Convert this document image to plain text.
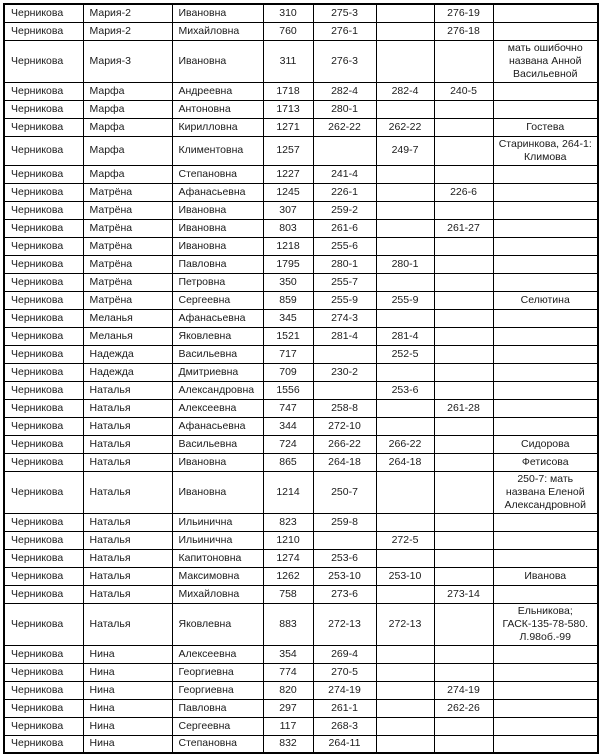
Черникова	Мария-2	Ивановна	310	275-3		276-19	
Черникова	Мария-2	Михайловна	760	276-1		276-18	
Черникова	Мария-3	Ивановна	311	276-3			мать ошибочно названа Анной Васильевной
Черникова	Марфа	Андреевна	1718	282-4	282-4	240-5	
Черникова	Марфа	Антоновна	1713	280-1			
Черникова	Марфа	Кирилловна	1271	262-22	262-22		Гостева
Черникова	Марфа	Климентовна	1257		249-7		Старинкова, 264-1: Климова
Черникова	Марфа	Степановна	1227	241-4			
Черникова	Матрёна	Афанасьевна	1245	226-1		226-6	
Черникова	Матрёна	Ивановна	307	259-2			
Черникова	Матрёна	Ивановна	803	261-6		261-27	
Черникова	Матрёна	Ивановна	1218	255-6			
Черникова	Матрёна	Павловна	1795	280-1	280-1		
Черникова	Матрёна	Петровна	350	255-7			
Черникова	Матрёна	Сергеевна	859	255-9	255-9		Селютина
Черникова	Меланья	Афанасьевна	345	274-3			
Черникова	Меланья	Яковлевна	1521	281-4	281-4		
Черникова	Надежда	Васильевна	717		252-5		
Черникова	Надежда	Дмитриевна	709	230-2			
Черникова	Наталья	Александровна	1556		253-6		
Черникова	Наталья	Алексеевна	747	258-8		261-28	
Черникова	Наталья	Афанасьевна	344	272-10			
Черникова	Наталья	Васильевна	724	266-22	266-22		Сидорова
Черникова	Наталья	Ивановна	865	264-18	264-18		Фетисова
Черникова	Наталья	Ивановна	1214	250-7			250-7: мать названа Еленой Александровной
Черникова	Наталья	Ильинична	823	259-8			
Черникова	Наталья	Ильинична	1210		272-5		
Черникова	Наталья	Капитоновна	1274	253-6			
Черникова	Наталья	Максимовна	1262	253-10	253-10		Иванова
Черникова	Наталья	Михайловна	758	273-6		273-14	
Черникова	Наталья	Яковлевна	883	272-13	272-13		Ельникова; ГАСК-135-78-580. Л.98об.-99
Черникова	Нина	Алексеевна	354	269-4			
Черникова	Нина	Георгиевна	774	270-5			
Черникова	Нина	Георгиевна	820	274-19		274-19	
Черникова	Нина	Павловна	297	261-1		262-26	
Черникова	Нина	Сергеевна	117	268-3			
Черникова	Нина	Степановна	832	264-11			
